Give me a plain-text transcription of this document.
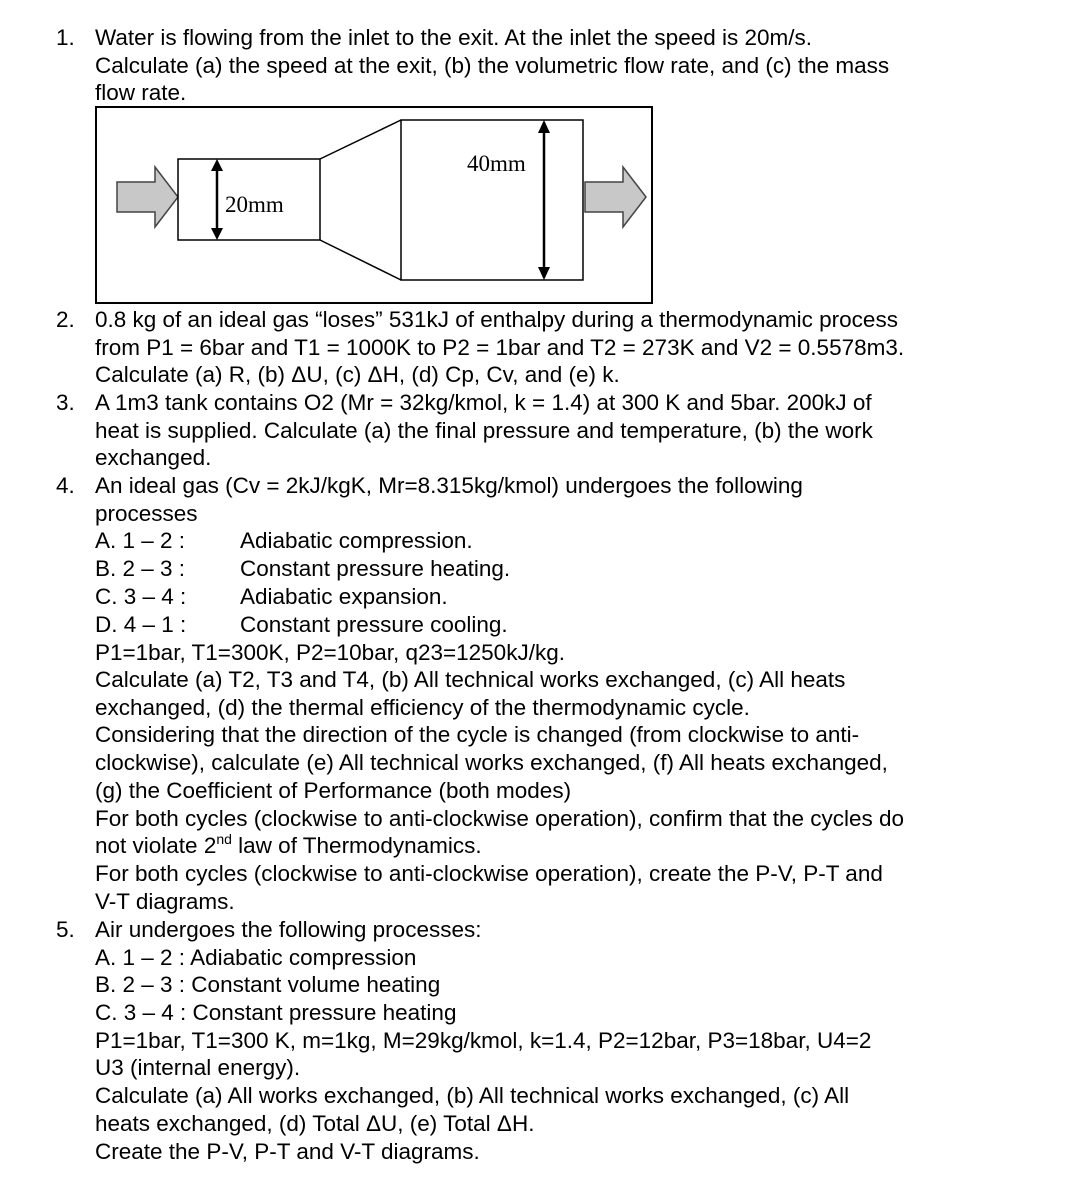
1. Water is flowing from the inlet to the exit. At the inlet the speed is 20m/s.
Calculate (a) the speed at the exit, (b) the volumetric flow rate, and (c) the mass
flow rate.
20mm
40mm
2. 0.8 kg of an ideal gas “loses” 531kJ of enthalpy during a thermodynamic process
from P1 = 6bar and T1 = 1000K to P2 = 1bar and T2 = 273K and V2 = 0.5578m3.
Calculate (a) R, (b) ΔU, (c) ΔH, (d) Cp, Cv, and (e) k.
3. A 1m3 tank contains O2 (Mr = 32kg/kmol, k = 1.4) at 300 K and 5bar. 200kJ of
heat is supplied. Calculate (a) the final pressure and temperature, (b) the work
exchanged.
4. An ideal gas (Cv = 2kJ/kgK, Mr=8.315kg/kmol) undergoes the following
processes
A. 1 – 2 : Adiabatic compression.
B. 2 – 3 : Constant pressure heating.
C. 3 – 4 : Adiabatic expansion.
D. 4 – 1 : Constant pressure cooling.
P1=1bar, T1=300K, P2=10bar, q23=1250kJ/kg.
Calculate (a) T2, T3 and T4, (b) All technical works exchanged, (c) All heats
exchanged, (d) the thermal efficiency of the thermodynamic cycle.
Considering that the direction of the cycle is changed (from clockwise to anti-
clockwise), calculate (e) All technical works exchanged, (f) All heats exchanged,
(g) the Coefficient of Performance (both modes)
For both cycles (clockwise to anti-clockwise operation), confirm that the cycles do
not violate 2nd law of Thermodynamics.
For both cycles (clockwise to anti-clockwise operation), create the P-V, P-T and
V-T diagrams.
5. Air undergoes the following processes:
A. 1 – 2 : Adiabatic compression
B. 2 – 3 : Constant volume heating
C. 3 – 4 : Constant pressure heating
P1=1bar, T1=300 K, m=1kg, M=29kg/kmol, k=1.4, P2=12bar, P3=18bar, U4=2
U3 (internal energy).
Calculate (a) All works exchanged, (b) All technical works exchanged, (c) All
heats exchanged, (d) Total ΔU, (e) Total ΔH.
Create the P-V, P-T and V-T diagrams.
